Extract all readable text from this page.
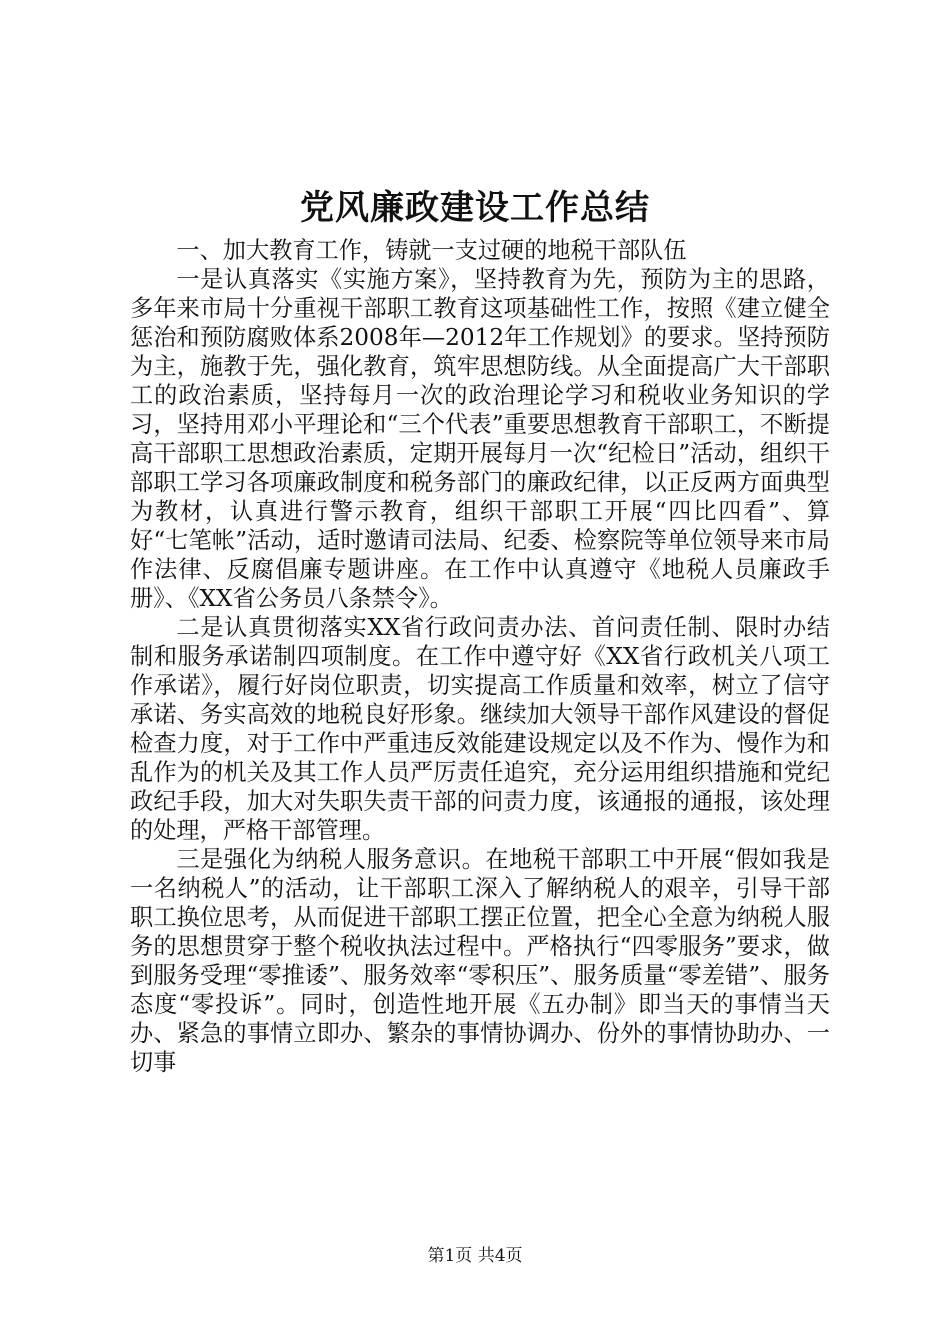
党风廉政建设工作总结

一、加大教育工作，铸就一支过硬的地税干部队伍

一是认真落实《实施方案》，坚持教育为先，预防为主的思路，多年来市局十分重视干部职工教育这项基础性工作，按照《建立健全惩治和预防腐败体系2008年—2012年工作规划》的要求。坚持预防为主，施教于先，强化教育，筑牢思想防线。从全面提高广大干部职工的政治素质，坚持每月一次的政治理论学习和税收业务知识的学习，坚持用邓小平理论和“三个代表”重要思想教育干部职工，不断提高干部职工思想政治素质，定期开展每月一次“纪检日”活动，组织干部职工学习各项廉政制度和税务部门的廉政纪律，以正反两方面典型为教材，认真进行警示教育，组织干部职工开展“四比四看”、算好“七笔帐”活动，适时邀请司法局、纪委、检察院等单位领导来市局作法律、反腐倡廉专题讲座。在工作中认真遵守《地税人员廉政手册》、《XX省公务员八条禁令》。

二是认真贯彻落实XX省行政问责办法、首问责任制、限时办结制和服务承诺制四项制度。在工作中遵守好《XX省行政机关八项工作承诺》，履行好岗位职责，切实提高工作质量和效率，树立了信守承诺、务实高效的地税良好形象。继续加大领导干部作风建设的督促检查力度，对于工作中严重违反效能建设规定以及不作为、慢作为和乱作为的机关及其工作人员严厉责任追究，充分运用组织措施和党纪政纪手段，加大对失职失责干部的问责力度，该通报的通报，该处理的处理，严格干部管理。

三是强化为纳税人服务意识。在地税干部职工中开展“假如我是一名纳税人”的活动，让干部职工深入了解纳税人的艰辛，引导干部职工换位思考，从而促进干部职工摆正位置，把全心全意为纳税人服务的思想贯穿于整个税收执法过程中。严格执行“四零服务”要求，做到服务受理“零推诿”、服务效率“零积压”、服务质量“零差错”、服务态度“零投诉”。同时，创造性地开展《五办制》即当天的事情当天办、紧急的事情立即办、繁杂的事情协调办、份外的事情协助办、一切事

第1页 共4页
